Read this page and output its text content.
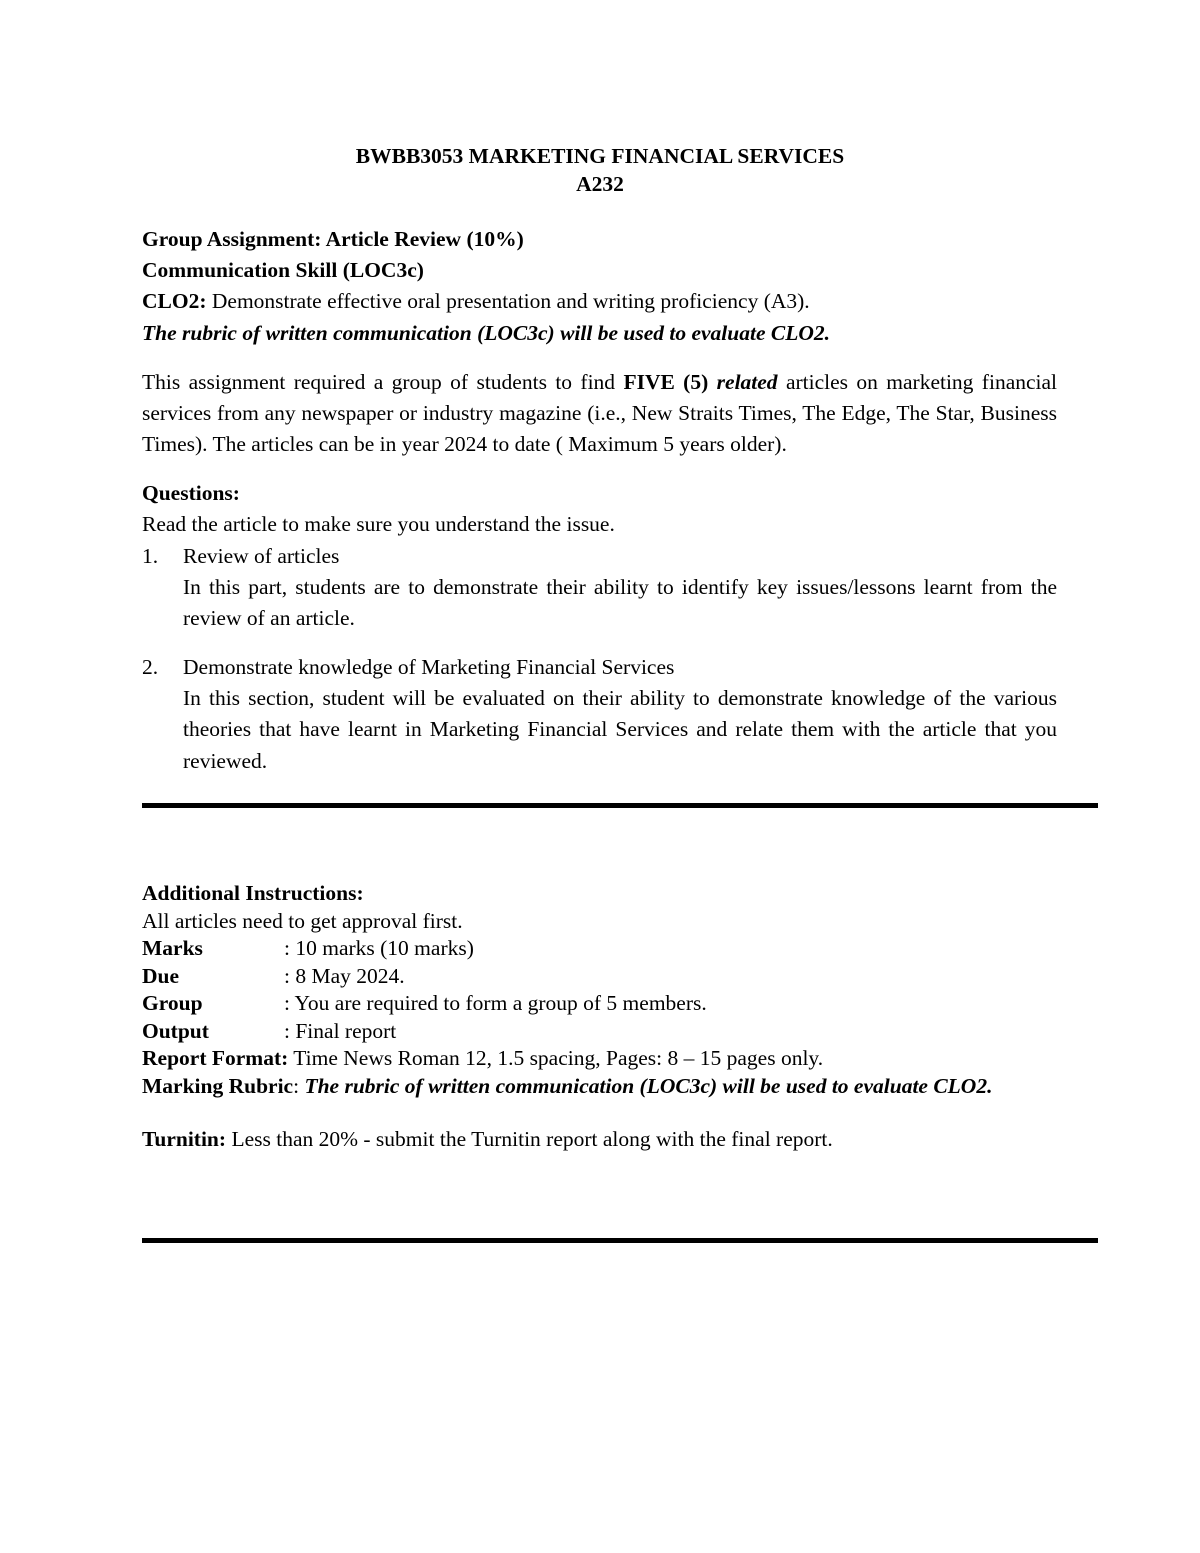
BWBB3053 MARKETING FINANCIAL SERVICES
A232
Group Assignment: Article Review (10%)
Communication Skill (LOC3c)
CLO2: Demonstrate effective oral presentation and writing proficiency (A3).
The rubric of written communication (LOC3c) will be used to evaluate CLO2.
This assignment required a group of students to find FIVE (5) related articles on marketing financial services from any newspaper or industry magazine (i.e., New Straits Times, The Edge, The Star, Business Times). The articles can be in year 2024 to date ( Maximum 5 years older).
Questions:
Read the article to make sure you understand the issue.
1.	Review of articles
In this part, students are to demonstrate their ability to identify key issues/lessons learnt from the review of an article.
2.	Demonstrate knowledge of Marketing Financial Services
In this section, student will be evaluated on their ability to demonstrate knowledge of the various theories that have learnt in Marketing Financial Services and relate them with the article that you reviewed.
Additional Instructions:
All articles need to get approval first.
Marks	: 10 marks (10 marks)
Due	: 8 May 2024.
Group	: You are required to form a group of 5 members.
Output	: Final report
Report Format: Time News Roman 12, 1.5 spacing, Pages: 8 – 15 pages only.
Marking Rubric: The rubric of written communication (LOC3c) will be used to evaluate CLO2.
Turnitin: Less than 20% - submit the Turnitin report along with the final report.
